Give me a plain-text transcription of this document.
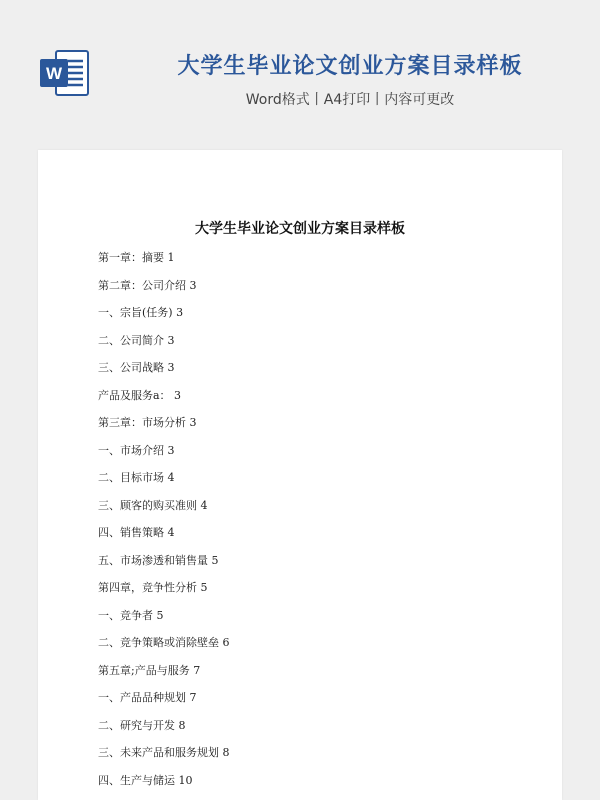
W	大学生毕业论文创业方案目录样板
Word格式丨A4打印丨内容可更改
大学生毕业论文创业方案目录样板
第一章：摘要 1
第二章：公司介绍 3
一、宗旨(任务) 3
二、公司简介 3
三、公司战略 3
产品及服务a： 3
第三章：市场分析 3
一、市场介绍 3
二、目标市场 4
三、顾客的购买准则 4
四、销售策略 4
五、市场渗透和销售量 5
第四章，竞争性分析 5
一、竞争者 5
二、竞争策略或消除壁垒 6
第五章;产品与服务 7
一、产品品种规划 7
二、研究与开发 8
三、未来产品和服务规划 8
四、生产与储运 10
